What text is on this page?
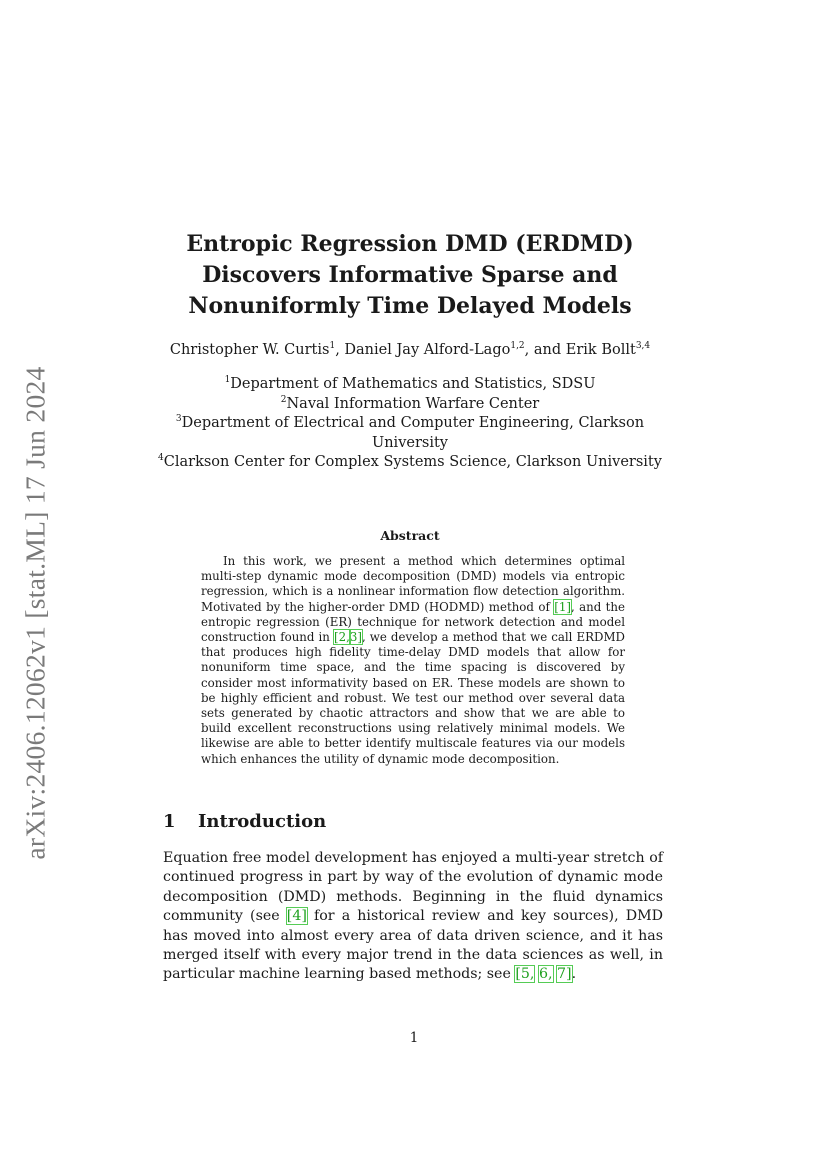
arXiv:2406.12062v1 [stat.ML] 17 Jun 2024
Entropic Regression DMD (ERDMD)
Discovers Informative Sparse and
Nonuniformly Time Delayed Models
Christopher W. Curtis$^1$, Daniel Jay Alford-Lago$^{1,2}$, and Erik Bollt$^{3,4}$
$^1$Department of Mathematics and Statistics, SDSU
$^2$Naval Information Warfare Center
$^3$Department of Electrical and Computer Engineering, Clarkson
University
$^4$Clarkson Center for Complex Systems Science, Clarkson University
Abstract

In this work, we present a method which determines optimal multi-step dynamic mode decomposition (DMD) models via entropic regression, which is a nonlinear information flow detection algorithm. Motivated by the higher-order DMD (HODMD) method of [1], and the entropic regression (ER) technique for network detection and model construction found in [2,3], we develop a method that we call ERDMD that produces high fidelity time-delay DMD models that allow for nonuniform time space, and the time spacing is discovered by consider most informativity based on ER. These models are shown to be highly efficient and robust. We test our method over several data sets generated by chaotic attractors and show that we are able to build excellent reconstructions using relatively minimal models. We likewise are able to better identify multiscale features via our models which enhances the utility of dynamic mode decomposition.

1 Introduction

Equation free model development has enjoyed a multi-year stretch of continued progress in part by way of the evolution of dynamic mode decomposition (DMD) methods. Beginning in the fluid dynamics community (see [4] for a historical review and key sources), DMD has moved into almost every area of data driven science, and it has merged itself with every major trend in the data sciences as well, in particular machine learning based methods; see [5, 6, 7].

1
